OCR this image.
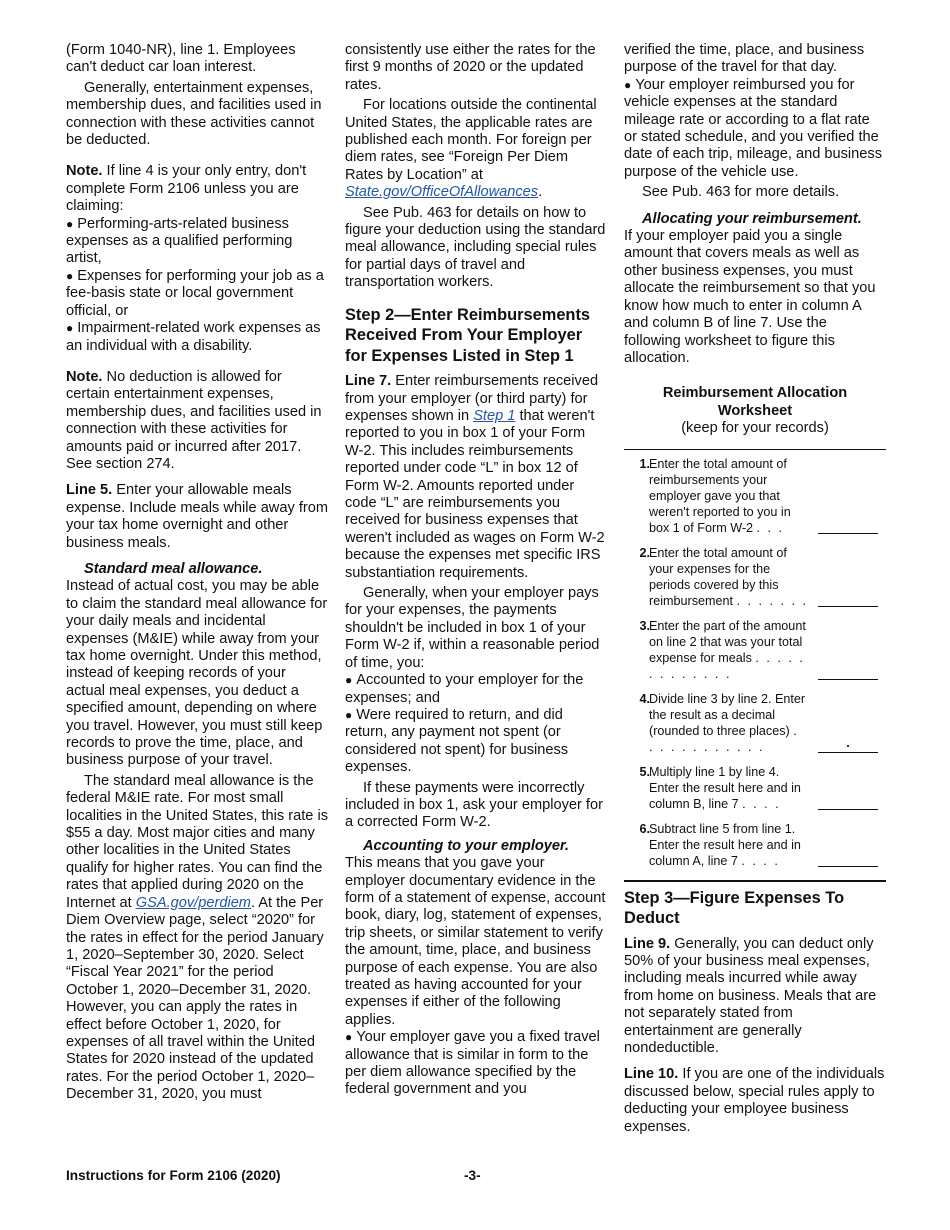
(Form 1040-NR), line 1. Employees can't deduct car loan interest.

Generally, entertainment expenses, membership dues, and facilities used in connection with these activities cannot be deducted.

Note. If line 4 is your only entry, don't complete Form 2106 unless you are claiming:

● Performing-arts-related business expenses as a qualified performing artist,

● Expenses for performing your job as a fee-basis state or local government official, or

● Impairment-related work expenses as an individual with a disability.

Note. No deduction is allowed for certain entertainment expenses, membership dues, and facilities used in connection with these activities for amounts paid or incurred after 2017. See section 274.

Line 5. Enter your allowable meals expense. Include meals while away from your tax home overnight and other business meals.

Standard meal allowance.

Instead of actual cost, you may be able to claim the standard meal allowance for your daily meals and incidental expenses (M&IE) while away from your tax home overnight. Under this method, instead of keeping records of your actual meal expenses, you deduct a specified amount, depending on where you travel. However, you must still keep records to prove the time, place, and business purpose of your travel.

The standard meal allowance is the federal M&IE rate. For most small localities in the United States, this rate is $55 a day. Most major cities and many other localities in the United States qualify for higher rates. You can find the rates that applied during 2020 on the Internet at GSA.gov/perdiem. At the Per Diem Overview page, select “2020” for the rates in effect for the period January 1, 2020–September 30, 2020. Select “Fiscal Year 2021” for the period October 1, 2020–December 31, 2020. However, you can apply the rates in effect before October 1, 2020, for expenses of all travel within the United States for 2020 instead of the updated rates. For the period October 1, 2020–December 31, 2020, you must

consistently use either the rates for the first 9 months of 2020 or the updated rates.

For locations outside the continental United States, the applicable rates are published each month. For foreign per diem rates, see “Foreign Per Diem Rates by Location” at State.gov/OfficeOfAllowances.

See Pub. 463 for details on how to figure your deduction using the standard meal allowance, including special rules for partial days of travel and transportation workers.

Step 2—Enter Reimbursements Received From Your Employer for Expenses Listed in Step 1

Line 7. Enter reimbursements received from your employer (or third party) for expenses shown in Step 1 that weren't reported to you in box 1 of your Form W-2. This includes reimbursements reported under code “L” in box 12 of Form W-2. Amounts reported under code “L” are reimbursements you received for business expenses that weren't included as wages on Form W-2 because the expenses met specific IRS substantiation requirements.

Generally, when your employer pays for your expenses, the payments shouldn't be included in box 1 of your Form W-2 if, within a reasonable period of time, you:

● Accounted to your employer for the expenses; and

● Were required to return, and did return, any payment not spent (or considered not spent) for business expenses.

If these payments were incorrectly included in box 1, ask your employer for a corrected Form W-2.

Accounting to your employer.

This means that you gave your employer documentary evidence in the form of a statement of expense, account book, diary, log, statement of expenses, trip sheets, or similar statement to verify the amount, time, place, and business purpose of each expense. You are also treated as having accounted for your expenses if either of the following applies.

● Your employer gave you a fixed travel allowance that is similar in form to the per diem allowance specified by the federal government and you

verified the time, place, and business purpose of the travel for that day.

● Your employer reimbursed you for vehicle expenses at the standard mileage rate or according to a flat rate or stated schedule, and you verified the date of each trip, mileage, and business purpose of the vehicle use.

See Pub. 463 for more details.

Allocating your reimbursement.

If your employer paid you a single amount that covers meals as well as other business expenses, you must allocate the reimbursement so that you know how much to enter in column A and column B of line 7. Use the following worksheet to figure this allocation.

Reimbursement Allocation
Worksheet
(keep for your records)
1. Enter the total amount of reimbursements your employer gave you that weren't reported to you in box 1 of Form W-2 . . .
2. Enter the total amount of your expenses for the periods covered by this reimbursement . . . . . . .
3. Enter the part of the amount on line 2 that was your total expense for meals . . . . . . . . . . . . .
4. Divide line 3 by line 2. Enter the result as a decimal (rounded to three places) . . . . . . . . . . . .	.
5. Multiply line 1 by line 4. Enter the result here and in column B, line 7 . . . .
6. Subtract line 5 from line 1. Enter the result here and in column A, line 7 . . . .
Step 3—Figure Expenses To Deduct

Line 9. Generally, you can deduct only 50% of your business meal expenses, including meals incurred while away from home on business. Meals that are not separately stated from entertainment are generally nondeductible.

Line 10. If you are one of the individuals discussed below, special rules apply to deducting your employee business expenses.

Instructions for Form 2106 (2020)	-3-
